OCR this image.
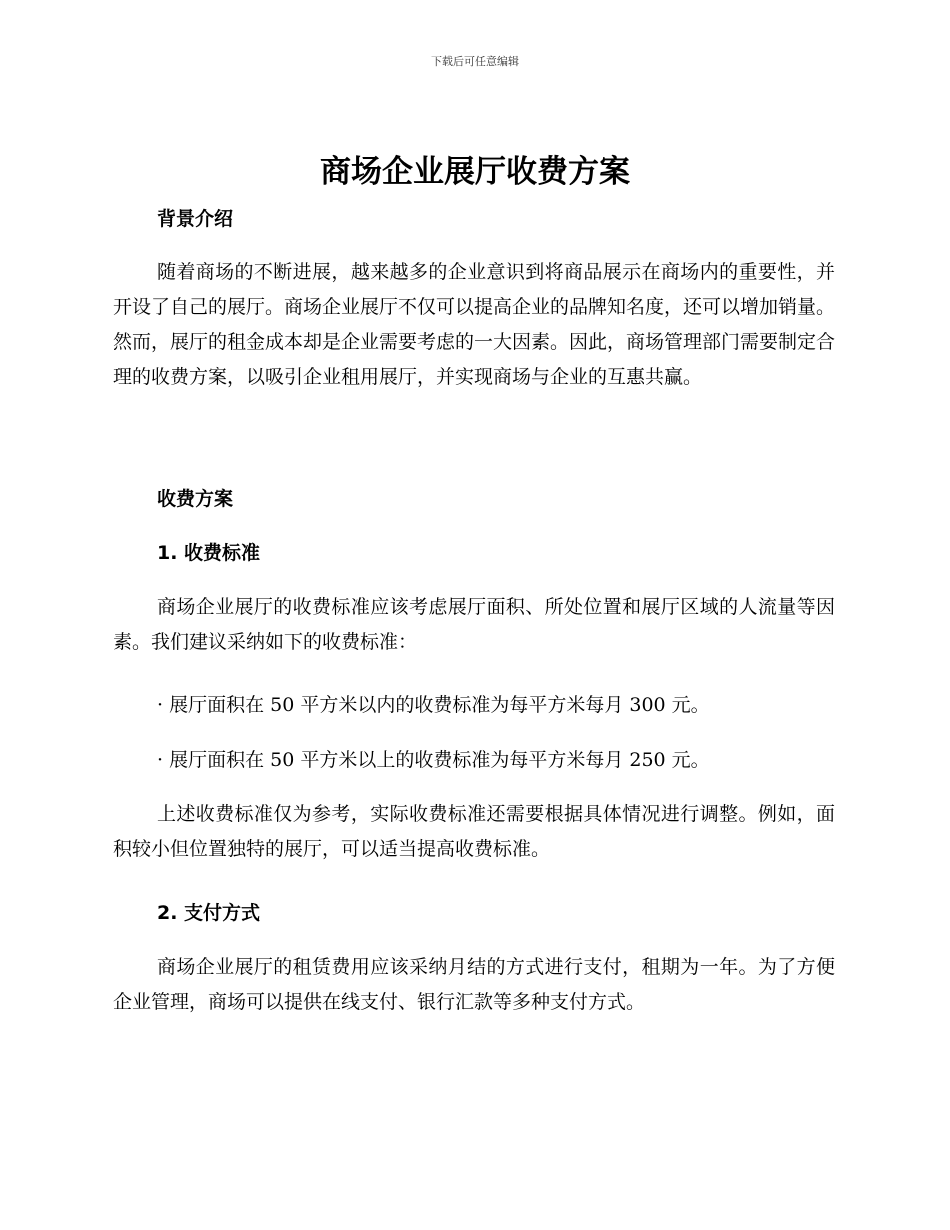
下载后可任意编辑
商场企业展厅收费方案
背景介绍

随着商场的不断进展，越来越多的企业意识到将商品展示在商场内的重要性，并开设了自己的展厅。商场企业展厅不仅可以提高企业的品牌知名度，还可以增加销量。然而，展厅的租金成本却是企业需要考虑的一大因素。因此，商场管理部门需要制定合理的收费方案，以吸引企业租用展厅，并实现商场与企业的互惠共赢。

收费方案
1. 收费标准

商场企业展厅的收费标准应该考虑展厅面积、所处位置和展厅区域的人流量等因素。我们建议采纳如下的收费标准：

· 展厅面积在 50 平方米以内的收费标准为每平方米每月 300 元。

· 展厅面积在 50 平方米以上的收费标准为每平方米每月 250 元。

上述收费标准仅为参考，实际收费标准还需要根据具体情况进行调整。例如，面积较小但位置独特的展厅，可以适当提高收费标准。

2. 支付方式

商场企业展厅的租赁费用应该采纳月结的方式进行支付，租期为一年。为了方便企业管理，商场可以提供在线支付、银行汇款等多种支付方式。
